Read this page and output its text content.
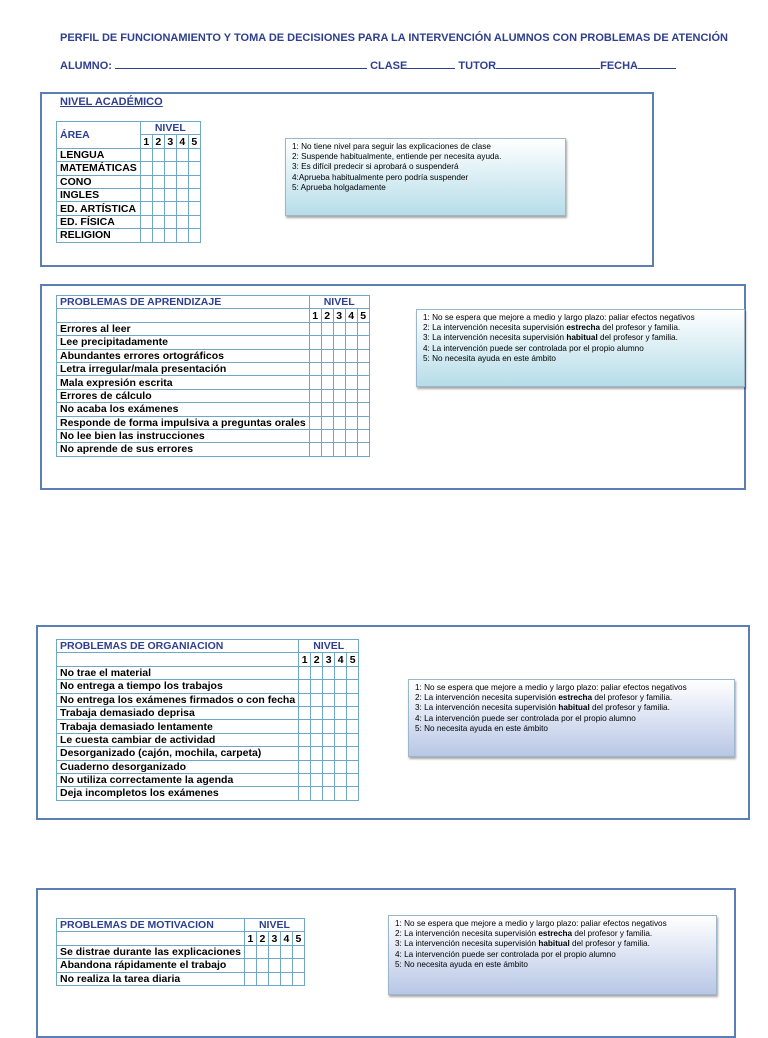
PERFIL DE FUNCIONAMIENTO Y TOMA DE DECISIONES PARA LA INTERVENCIÓN ALUMNOS CON PROBLEMAS DE ATENCIÓN
ALUMNO:	CLASE	TUTOR	FECHA
NIVEL ACADÉMICO
ÁREA	NIVEL				
	1	2	3	4	5
LENGUA					
MATEMÁTICAS					
CONO					
INGLES					
ED. ARTÍSTICA					
ED. FÍSICA					
RELIGION					
1: No tiene nivel para seguir las explicaciones de clase
2: Suspende habitualmente, entiende per necesita ayuda.
3: Es difícil predecir si aprobará o suspenderá
4:Aprueba habitualmente pero podría suspender
5: Aprueba holgadamente
PROBLEMAS DE APRENDIZAJE	NIVEL				
	1	2	3	4	5
Errores al leer					
Lee precipitadamente					
Abundantes errores ortográficos					
Letra irregular/mala presentación					
Mala expresión escrita					
Errores de cálculo					
No acaba los exámenes					
Responde de forma impulsiva a preguntas orales					
No lee bien las instrucciones					
No aprende de sus errores					
1: No se espera que mejore a medio y largo plazo: paliar efectos negativos
2: La intervención necesita supervisión estrecha del profesor y familia.
3: La intervención necesita supervisión habitual del profesor y familia.
4: La intervención puede ser controlada por el propio alumno
5: No necesita ayuda en este ámbito
PROBLEMAS DE ORGANIACION	NIVEL				
	1	2	3	4	5
No trae el material					
No entrega a tiempo los trabajos					
No entrega los exámenes firmados o con fecha					
Trabaja demasiado deprisa					
Trabaja demasiado lentamente					
Le cuesta cambiar de actividad					
Desorganizado (cajón, mochila, carpeta)					
Cuaderno desorganizado					
No utiliza correctamente la agenda					
Deja incompletos los exámenes					
1: No se espera que mejore a medio y largo plazo: paliar efectos negativos
2: La intervención necesita supervisión estrecha del profesor y familia.
3: La intervención necesita supervisión habitual del profesor y familia.
4: La intervención puede ser controlada por el propio alumno
5: No necesita ayuda en este ámbito
PROBLEMAS DE MOTIVACION	NIVEL				
	1	2	3	4	5
Se distrae durante las explicaciones					
Abandona rápidamente el trabajo					
No realiza la tarea diaria					
1: No se espera que mejore a medio y largo plazo: paliar efectos negativos
2: La intervención necesita supervisión estrecha del profesor y familia.
3: La intervención necesita supervisión habitual del profesor y familia.
4: La intervención puede ser controlada por el propio alumno
5: No necesita ayuda en este ámbito
